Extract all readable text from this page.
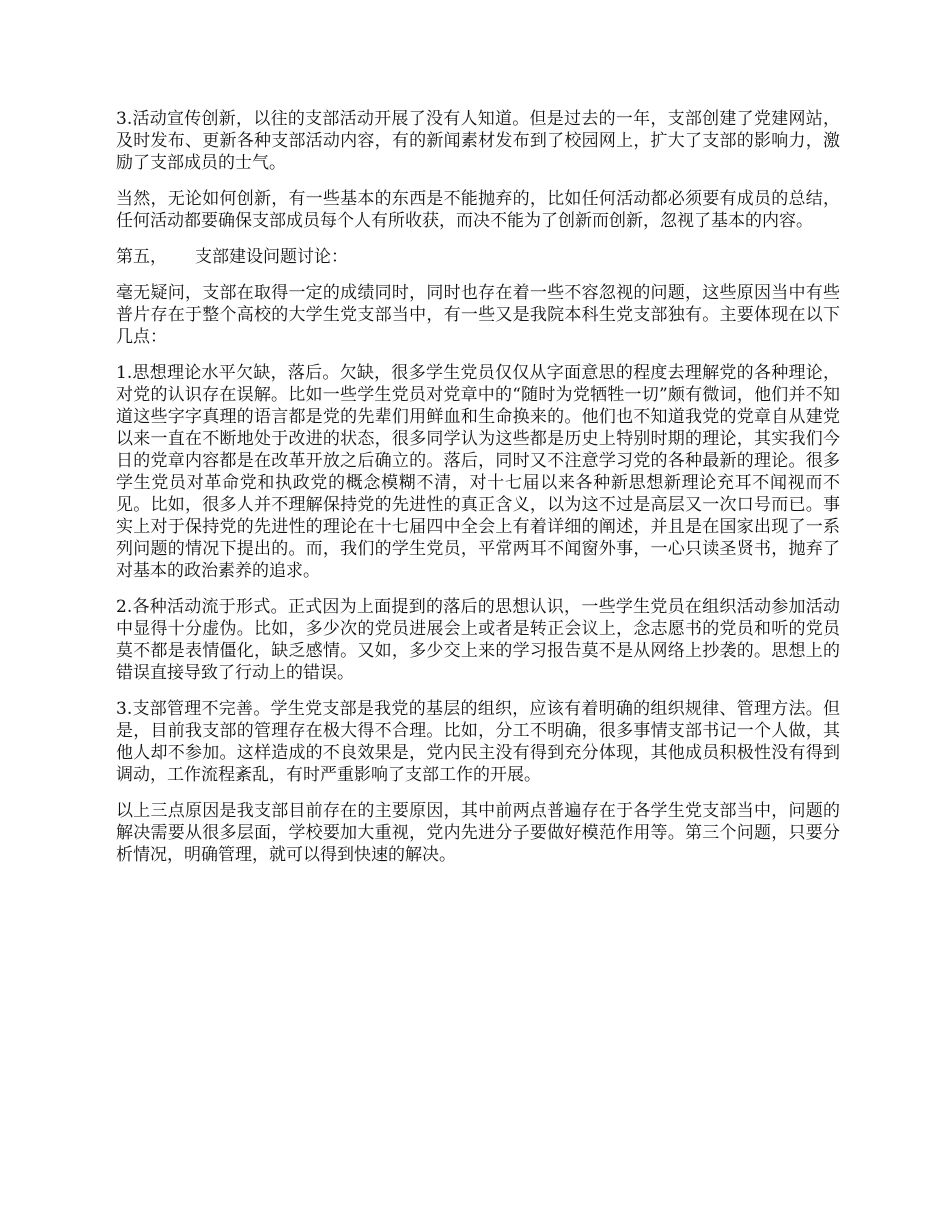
3.活动宣传创新，以往的支部活动开展了没有人知道。但是过去的一年，支部创建了党建网站，及时发布、更新各种支部活动内容，有的新闻素材发布到了校园网上，扩大了支部的影响力，激励了支部成员的士气。

当然，无论如何创新，有一些基本的东西是不能抛弃的，比如任何活动都必须要有成员的总结，任何活动都要确保支部成员每个人有所收获，而决不能为了创新而创新，忽视了基本的内容。

第五， 支部建设问题讨论：

毫无疑问，支部在取得一定的成绩同时，同时也存在着一些不容忽视的问题，这些原因当中有些普片存在于整个高校的大学生党支部当中，有一些又是我院本科生党支部独有。主要体现在以下几点：

1.思想理论水平欠缺，落后。欠缺，很多学生党员仅仅从字面意思的程度去理解党的各种理论，对党的认识存在误解。比如一些学生党员对党章中的“随时为党牺牲一切”颇有微词，他们并不知道这些字字真理的语言都是党的先辈们用鲜血和生命换来的。他们也不知道我党的党章自从建党以来一直在不断地处于改进的状态，很多同学认为这些都是历史上特别时期的理论，其实我们今日的党章内容都是在改革开放之后确立的。落后，同时又不注意学习党的各种最新的理论。很多学生党员对革命党和执政党的概念模糊不清，对十七届以来各种新思想新理论充耳不闻视而不见。比如，很多人并不理解保持党的先进性的真正含义，以为这不过是高层又一次口号而已。事实上对于保持党的先进性的理论在十七届四中全会上有着详细的阐述，并且是在国家出现了一系列问题的情况下提出的。而，我们的学生党员，平常两耳不闻窗外事，一心只读圣贤书，抛弃了对基本的政治素养的追求。

2.各种活动流于形式。正式因为上面提到的落后的思想认识，一些学生党员在组织活动参加活动中显得十分虚伪。比如，多少次的党员进展会上或者是转正会议上，念志愿书的党员和听的党员莫不都是表情僵化，缺乏感情。又如，多少交上来的学习报告莫不是从网络上抄袭的。思想上的错误直接导致了行动上的错误。

3.支部管理不完善。学生党支部是我党的基层的组织，应该有着明确的组织规律、管理方法。但是，目前我支部的管理存在极大得不合理。比如，分工不明确，很多事情支部书记一个人做，其他人却不参加。这样造成的不良效果是，党内民主没有得到充分体现，其他成员积极性没有得到调动，工作流程紊乱，有时严重影响了支部工作的开展。

以上三点原因是我支部目前存在的主要原因，其中前两点普遍存在于各学生党支部当中，问题的解决需要从很多层面，学校要加大重视，党内先进分子要做好模范作用等。第三个问题，只要分析情况，明确管理，就可以得到快速的解决。
